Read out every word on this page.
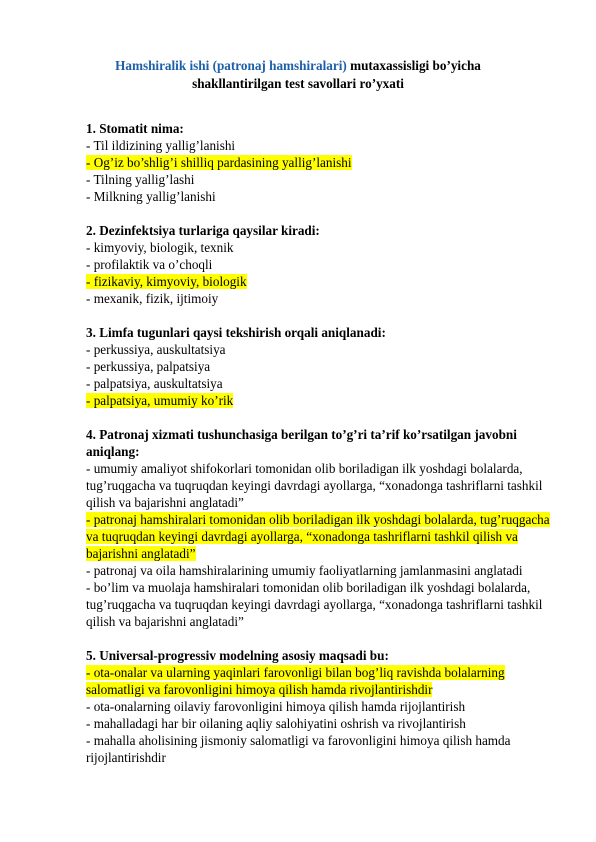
Hamshiralik ishi (patronaj hamshiralari) mutaxassisligi bo’yicha
shakllantirilgan test savollari ro’yxati
1. Stomatit nima:
- Til ildizining yallig’lanishi
- Og’iz bo’shlig’i shilliq pardasining yallig’lanishi
- Tilning yallig’lashi
- Milkning yallig’lanishi
2. Dezinfektsiya turlariga qaysilar kiradi:
- kimyoviy, biologik, texnik
- profilaktik va o’choqli
- fizikaviy, kimyoviy, biologik
- mexanik, fizik, ijtimoiy
3. Limfa tugunlari qaysi tekshirish orqali aniqlanadi:
- perkussiya, auskultatsiya
- perkussiya, palpatsiya
- palpatsiya, auskultatsiya
- palpatsiya, umumiy ko’rik
4. Patronaj xizmati tushunchasiga berilgan to’g’ri ta’rif ko’rsatilgan javobni aniqlang:
- umumiy amaliyot shifokorlari tomonidan olib boriladigan ilk yoshdagi bolalarda, tug’ruqgacha va tuqruqdan keyingi davrdagi ayollarga, “xonadonga tashriflarni tashkil qilish va bajarishni anglatadi”
- patronaj hamshiralari tomonidan olib boriladigan ilk yoshdagi bolalarda, tug’ruqgacha va tuqruqdan keyingi davrdagi ayollarga, “xonadonga tashriflarni tashkil qilish va bajarishni anglatadi”
- patronaj va oila hamshiralarining umumiy faoliyatlarning jamlanmasini anglatadi
- bo’lim va muolaja hamshiralari tomonidan olib boriladigan ilk yoshdagi bolalarda, tug’ruqgacha va tuqruqdan keyingi davrdagi ayollarga, “xonadonga tashriflarni tashkil qilish va bajarishni anglatadi”
5. Universal-progressiv modelning asosiy maqsadi bu:
- ota-onalar va ularning yaqinlari farovonligi bilan bog’liq ravishda bolalarning salomatligi va farovonligini himoya qilish hamda rivojlantirishdir
- ota-onalarning oilaviy farovonligini himoya qilish hamda rijojlantirish
- mahalladagi har bir oilaning aqliy salohiyatini oshrish va rivojlantirish
- mahalla aholisining jismoniy salomatligi va farovonligini himoya qilish hamda rijojlantirishdir
